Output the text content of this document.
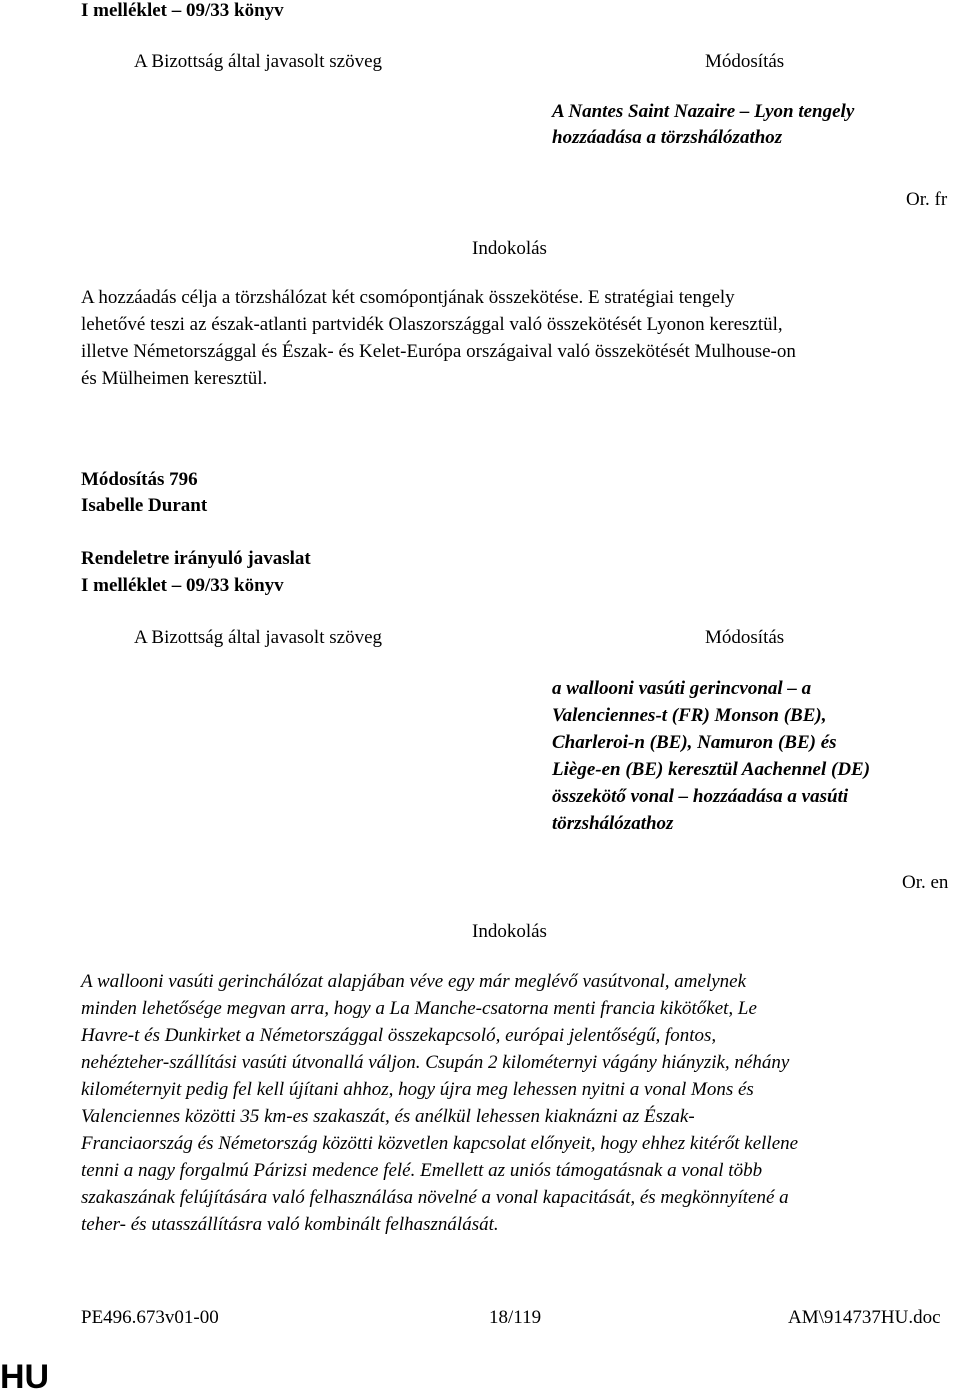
I melléklet – 09/33 könyv
A Bizottság által javasolt szöveg	Módosítás
A Nantes Saint Nazaire – Lyon tengely
hozzáadása a törzshálózathoz
Or. fr
Indokolás
A hozzáadás célja a törzshálózat két csomópontjának összekötése. E stratégiai tengely
lehetővé teszi az észak-atlanti partvidék Olaszországgal való összekötését Lyonon keresztül,
illetve Németországgal és Észak- és Kelet-Európa országaival való összekötését Mulhouse-on
és Mülheimen keresztül.
Módosítás 796
Isabelle Durant
Rendeletre irányuló javaslat
I melléklet – 09/33 könyv
A Bizottság által javasolt szöveg	Módosítás
a wallooni vasúti gerincvonal – a
Valenciennes-t (FR) Monson (BE),
Charleroi-n (BE), Namuron (BE) és
Liège-en (BE) keresztül Aachennel (DE)
összekötő vonal – hozzáadása a vasúti
törzshálózathoz
Or. en
Indokolás
A wallooni vasúti gerinchálózat alapjában véve egy már meglévő vasútvonal, amelynek
minden lehetősége megvan arra, hogy a La Manche-csatorna menti francia kikötőket, Le
Havre-t és Dunkirket a Németországgal összekapcsoló, európai jelentőségű, fontos,
nehézteher-szállítási vasúti útvonallá váljon. Csupán 2 kilométernyi vágány hiányzik, néhány
kilométernyit pedig fel kell újítani ahhoz, hogy újra meg lehessen nyitni a vonal Mons és
Valenciennes közötti 35 km-es szakaszát, és anélkül lehessen kiaknázni az Észak-
Franciaország és Németország közötti közvetlen kapcsolat előnyeit, hogy ehhez kitérőt kellene
tenni a nagy forgalmú Párizsi medence felé. Emellett az uniós támogatásnak a vonal több
szakaszának felújítására való felhasználása növelné a vonal kapacitását, és megkönnyítené a
teher- és utasszállításra való kombinált felhasználását.
PE496.673v01-00	18/119	AM\914737HU.doc
HU
